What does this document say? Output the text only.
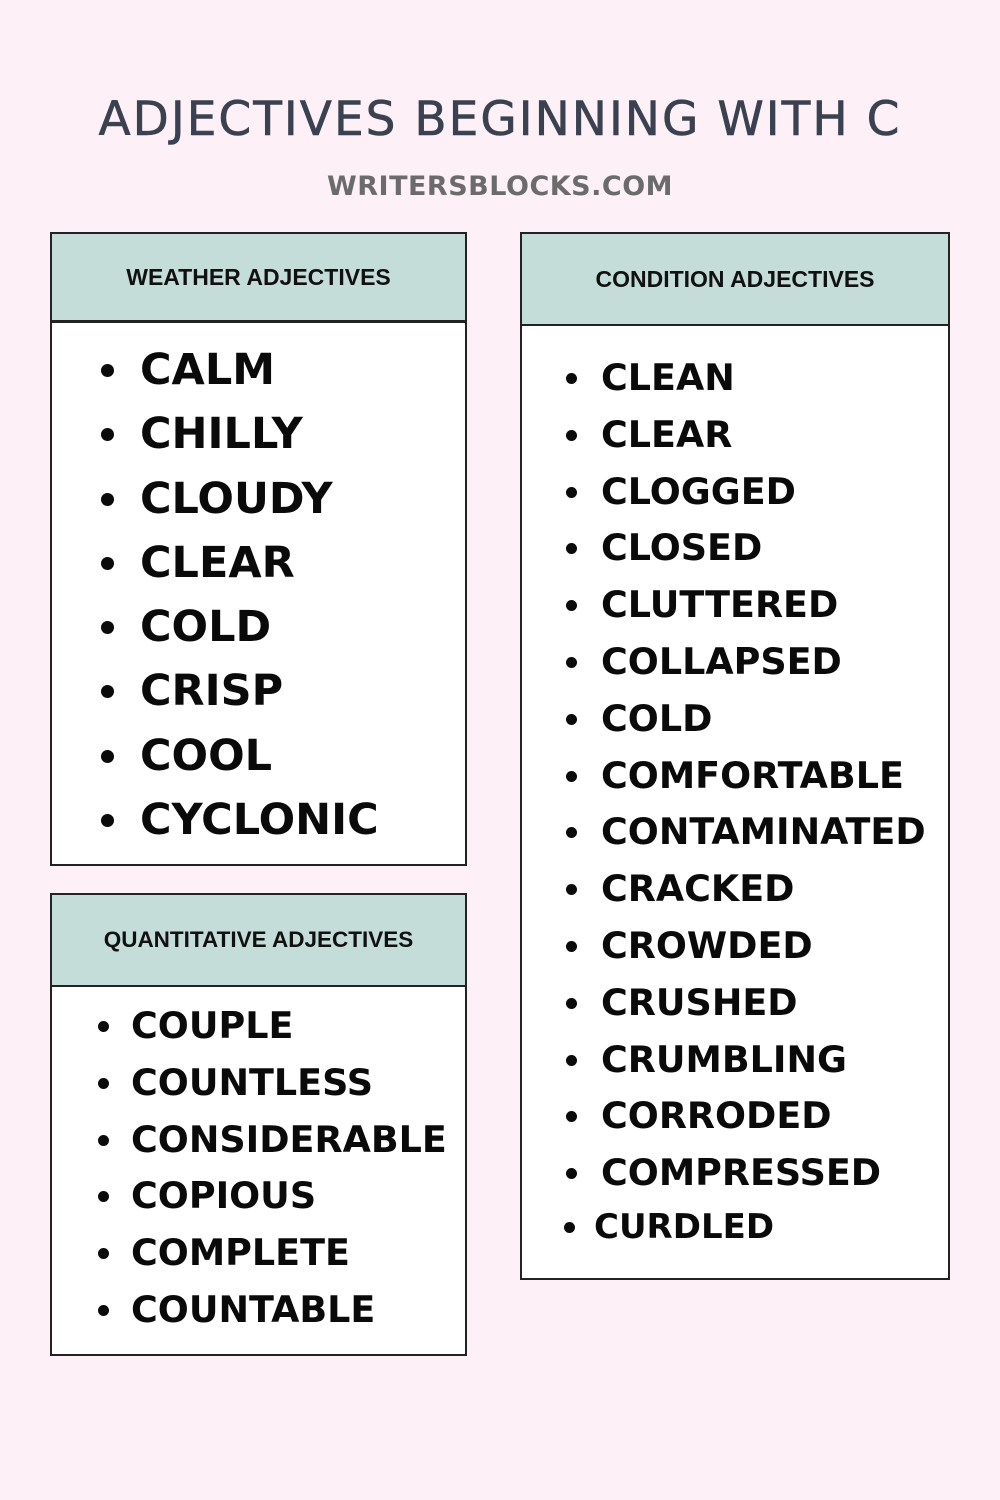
ADJECTIVES BEGINNING WITH C
WRITERSBLOCKS.COM
WEATHER ADJECTIVES
CALM
CHILLY
CLOUDY
CLEAR
COLD
CRISP
COOL
CYCLONIC
QUANTITATIVE ADJECTIVES
COUPLE
COUNTLESS
CONSIDERABLE
COPIOUS
COMPLETE
COUNTABLE
CONDITION ADJECTIVES
CLEAN
CLEAR
CLOGGED
CLOSED
CLUTTERED
COLLAPSED
COLD
COMFORTABLE
CONTAMINATED
CRACKED
CROWDED
CRUSHED
CRUMBLING
CORRODED
COMPRESSED
CURDLED
